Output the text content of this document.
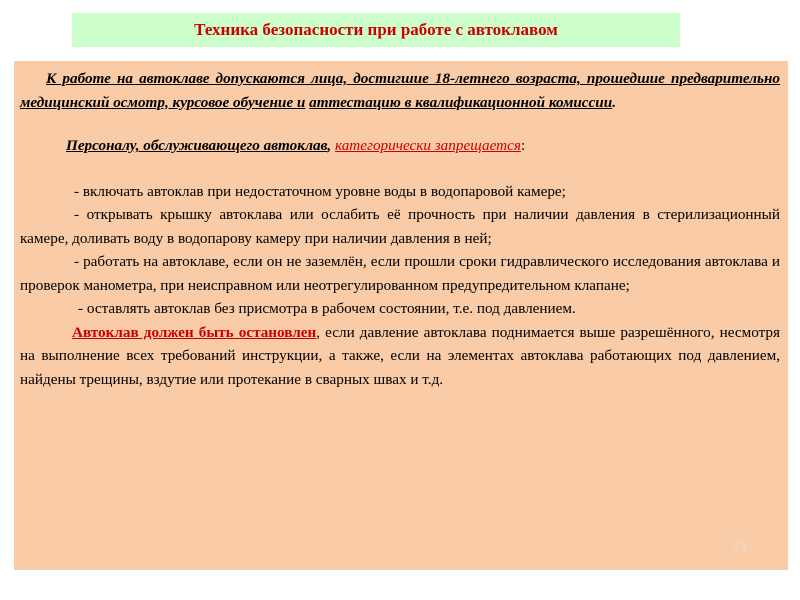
Техника безопасности при работе с автоклавом

К работе на автоклаве допускаются лица, достигшие 18-летнего возраста, прошедшие предварительно медицинский осмотр, курсовое обучение и аттестацию в квалификационной комиссии.

Персоналу, обслуживающего автоклав, категорически запрещается:

- включать автоклав при недостаточном уровне воды в водопаровой камере;

- открывать крышку автоклава или ослабить её прочность при наличии давления в стерилизационный камере, доливать воду в водопарову камеру при наличии давления в ней;

- работать на автоклаве, если он не заземлён, если прошли сроки гидравлического исследования автоклава и проверок манометра, при неисправном или неотрегулированном предупредительном клапане;

- оставлять автоклав без присмотра в рабочем состоянии, т.е. под давлением.

Автоклав должен быть остановлен, если давление автоклава поднимается выше разрешённого, несмотря на выполнение всех требований инструкции, а также, если на элементах автоклава работающих под давлением, найдены трещины, вздутие или протекание в сварных швах и т.д.

21
